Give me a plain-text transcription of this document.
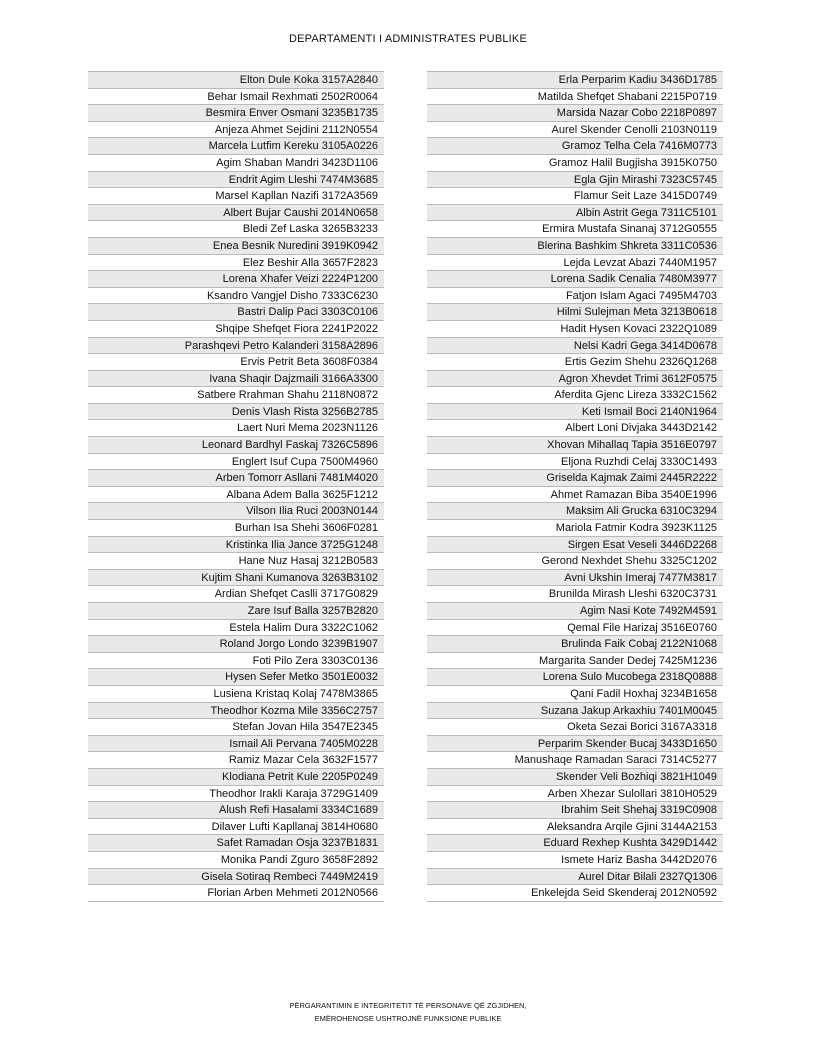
DEPARTAMENTI I ADMINISTRATES PUBLIKE
Elton Dule Koka 3157A2840
Behar Ismail Rexhmati 2502R0064
Besmira Enver Osmani 3235B1735
Anjeza Ahmet Sejdini 2112N0554
Marcela Lutfim Kereku 3105A0226
Agim Shaban Mandri 3423D1106
Endrit Agim Lleshi 7474M3685
Marsel Kapllan Nazifi 3172A3569
Albert Bujar Caushi 2014N0658
Bledi Zef Laska 3265B3233
Enea Besnik Nuredini 3919K0942
Elez Beshir Alla 3657F2823
Lorena Xhafer Veizi 2224P1200
Ksandro Vangjel Disho 7333C6230
Bastri Dalip Paci 3303C0106
Shqipe Shefqet Fiora 2241P2022
Parashqevi Petro Kalanderi 3158A2896
Ervis Petrit Beta 3608F0384
Ivana Shaqir Dajzmaili 3166A3300
Satbere Rrahman Shahu 2118N0872
Denis Vlash Rista 3256B2785
Laert Nuri Mema 2023N1126
Leonard Bardhyl Faskaj 7326C5896
Englert Isuf Cupa 7500M4960
Arben Tomorr Asllani 7481M4020
Albana Adem Balla 3625F1212
Vilson Ilia Ruci 2003N0144
Burhan Isa Shehi 3606F0281
Kristinka Ilia Jance 3725G1248
Hane Nuz Hasaj 3212B0583
Kujtim Shani Kumanova 3263B3102
Ardian Shefqet Caslli 3717G0829
Zare Isuf Balla 3257B2820
Estela Halim Dura 3322C1062
Roland Jorgo Londo 3239B1907
Foti Pilo Zera 3303C0136
Hysen Sefer Metko 3501E0032
Lusiena Kristaq Kolaj 7478M3865
Theodhor Kozma Mile 3356C2757
Stefan Jovan Hila 3547E2345
Ismail Ali Pervana 7405M0228
Ramiz Mazar Cela 3632F1577
Klodiana Petrit Kule 2205P0249
Theodhor Irakli Karaja 3729G1409
Alush Refi Hasalami 3334C1689
Dilaver Lufti Kapllanaj 3814H0680
Safet Ramadan Osja 3237B1831
Monika Pandi Zguro 3658F2892
Gisela Sotiraq Rembeci 7449M2419
Florian Arben Mehmeti 2012N0566
Erla Perparim Kadiu 3436D1785
Matilda Shefqet Shabani 2215P0719
Marsida Nazar Cobo 2218P0897
Aurel Skender Cenolli 2103N0119
Gramoz Telha Cela 7416M0773
Gramoz Halil Bugjisha 3915K0750
Egla Gjin Mirashi 7323C5745
Flamur Seit Laze 3415D0749
Albin Astrit Gega 7311C5101
Ermira Mustafa Sinanaj 3712G0555
Blerina Bashkim Shkreta 3311C0536
Lejda Levzat Abazi 7440M1957
Lorena Sadik Cenalia 7480M3977
Fatjon Islam Agaci 7495M4703
Hilmi Sulejman Meta 3213B0618
Hadit Hysen Kovaci 2322Q1089
Nelsi Kadri Gega 3414D0678
Ertis Gezim Shehu 2326Q1268
Agron Xhevdet Trimi 3612F0575
Aferdita Gjenc Lireza 3332C1562
Keti Ismail Boci 2140N1964
Albert Loni Divjaka 3443D2142
Xhovan Mihallaq Tapia 3516E0797
Eljona Ruzhdi Celaj 3330C1493
Griselda Kajmak Zaimi 2445R2222
Ahmet Ramazan Biba 3540E1996
Maksim Ali Grucka 6310C3294
Mariola Fatmir Kodra 3923K1125
Sirgen Esat Veseli 3446D2268
Gerond Nexhdet Shehu 3325C1202
Avni Ukshin Imeraj 7477M3817
Brunilda Mirash Lleshi 6320C3731
Agim Nasi Kote 7492M4591
Qemal File Harizaj 3516E0760
Brulinda Faik Cobaj 2122N1068
Margarita Sander Dedej 7425M1236
Lorena Sulo Mucobega 2318Q0888
Qani Fadil Hoxhaj 3234B1658
Suzana Jakup Arkaxhiu 7401M0045
Oketa Sezai Borici 3167A3318
Perparim Skender Bucaj 3433D1650
Manushaqe Ramadan Saraci 7314C5277
Skender Veli Bozhiqi 3821H1049
Arben Xhezar Sulollari 3810H0529
Ibrahim Seit Shehaj 3319C0908
Aleksandra Arqile Gjini 3144A2153
Eduard Rexhep Kushta 3429D1442
Ismete Hariz Basha 3442D2076
Aurel Ditar Bilali 2327Q1306
Enkelejda Seid Skenderaj 2012N0592
PËRGARANTIMIN E INTEGRITETIT TË PERSONAVE QË ZGJIDHEN,
EMËROHENOSE USHTROJNË FUNKSIONE PUBLIKE
